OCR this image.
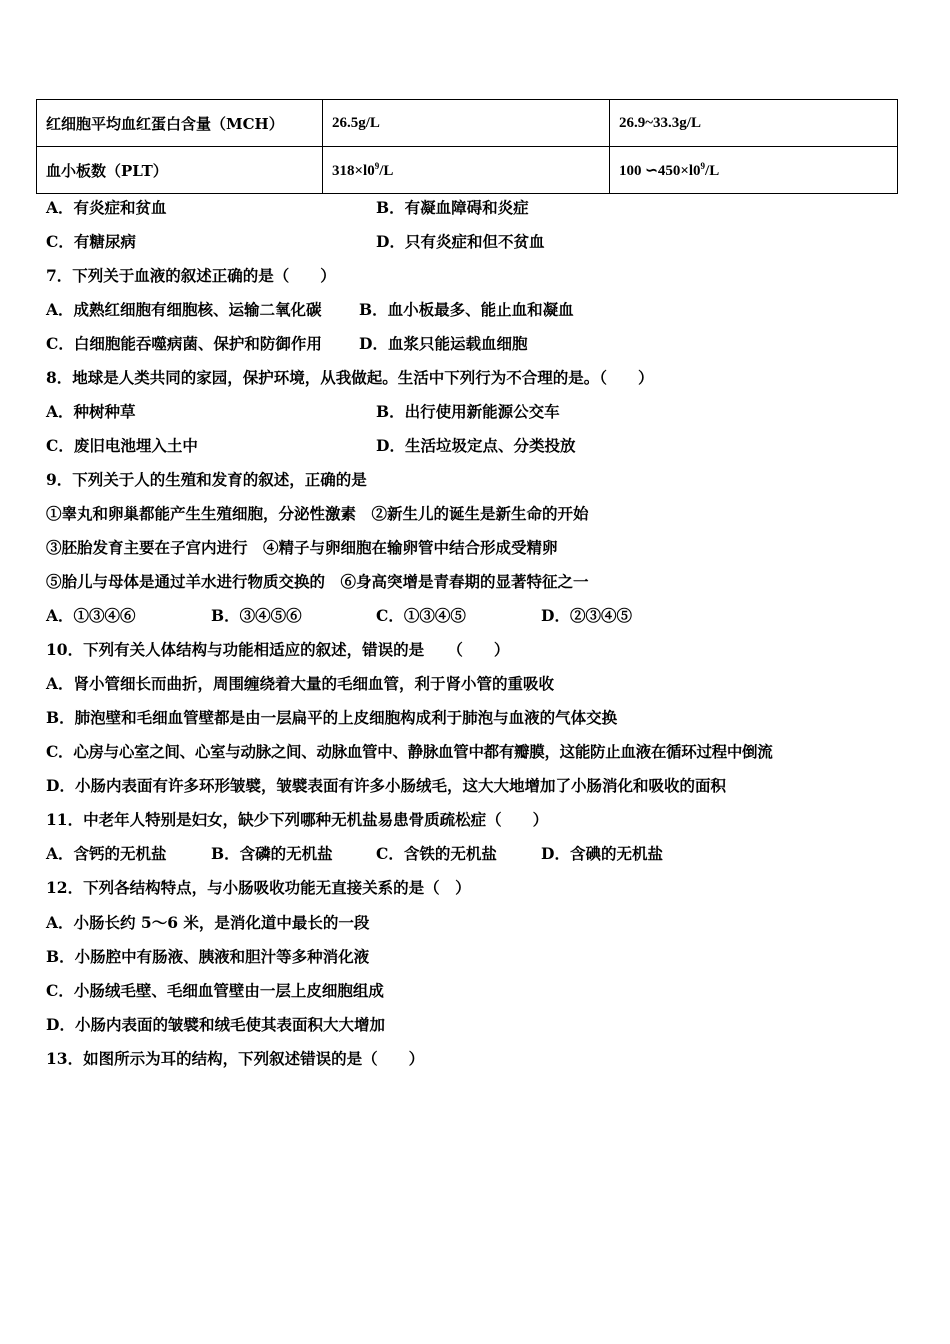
红细胞平均血红蛋白含量（MCH）	26.5g/L	26.9~33.3g/L
血小板数（PLT）	$318\times l0^9/L$	100 $∽450\times l0^9/L$
A．有炎症和贫血	B．有凝血障碍和炎症
C．有糖尿病	D．只有炎症和但不贫血
7．下列关于血液的叙述正确的是（　　）
A．成熟红细胞有细胞核、运输二氧化碳 B．血小板最多、能止血和凝血
C．白细胞能吞噬病菌、保护和防御作用 D．血浆只能运载血细胞
8．地球是人类共同的家园，保护环境，从我做起。生活中下列行为不合理的是。（　　）
A．种树种草	B．出行使用新能源公交车
C．废旧电池埋入土中	D．生活垃圾定点、分类投放
9．下列关于人的生殖和发育的叙述，正确的是
①睾丸和卵巢都能产生生殖细胞，分泌性激素　②新生儿的诞生是新生命的开始
③胚胎发育主要在子宫内进行　④精子与卵细胞在输卵管中结合形成受精卵
⑤胎儿与母体是通过羊水进行物质交换的　⑥身高突增是青春期的显著特征之一
A．①③④⑥	B．③④⑤⑥	C．①③④⑤	D．②③④⑤
10．下列有关人体结构与功能相适应的叙述，错误的是　　（　　）
A．肾小管细长而曲折，周围缠绕着大量的毛细血管，利于肾小管的重吸收
B．肺泡壁和毛细血管壁都是由一层扁平的上皮细胞构成利于肺泡与血液的气体交换
C．心房与心室之间、心室与动脉之间、动脉血管中、静脉血管中都有瓣膜，这能防止血液在循环过程中倒流
D．小肠内表面有许多环形皱襞，皱襞表面有许多小肠绒毛，这大大地增加了小肠消化和吸收的面积
11．中老年人特别是妇女，缺少下列哪种无机盐易患骨质疏松症（　　）
A．含钙的无机盐	B．含磷的无机盐	C．含铁的无机盐	D．含碘的无机盐
12．下列各结构特点，与小肠吸收功能无直接关系的是（　）
A．小肠长约 5～6 米，是消化道中最长的一段
B．小肠腔中有肠液、胰液和胆汁等多种消化液
C．小肠绒毛壁、毛细血管壁由一层上皮细胞组成
D．小肠内表面的皱襞和绒毛使其表面积大大增加
13．如图所示为耳的结构，下列叙述错误的是（　　）
